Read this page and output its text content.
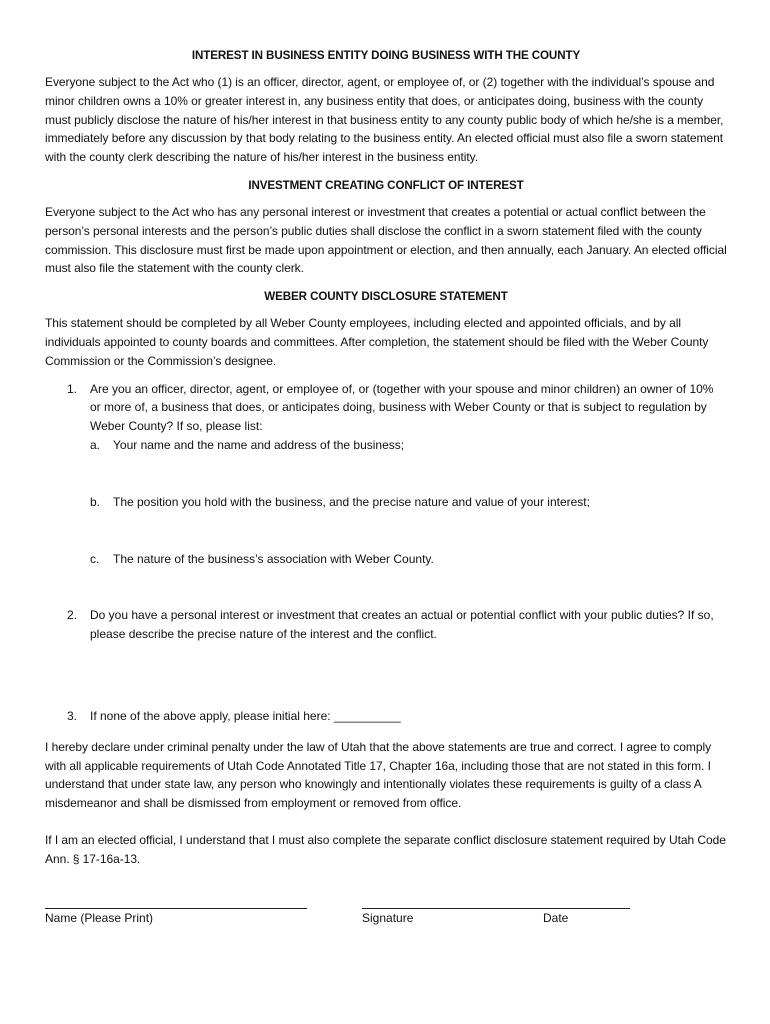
INTEREST IN BUSINESS ENTITY DOING BUSINESS WITH THE COUNTY

Everyone subject to the Act who (1) is an officer, director, agent, or employee of, or (2) together with the individual’s spouse and minor children owns a 10% or greater interest in, any business entity that does, or anticipates doing, business with the county must publicly disclose the nature of his/her interest in that business entity to any county public body of which he/she is a member, immediately before any discussion by that body relating to the business entity. An elected official must also file a sworn statement with the county clerk describing the nature of his/her interest in the business entity.

INVESTMENT CREATING CONFLICT OF INTEREST

Everyone subject to the Act who has any personal interest or investment that creates a potential or actual conflict between the person’s personal interests and the person’s public duties shall disclose the conflict in a sworn statement filed with the county commission. This disclosure must first be made upon appointment or election, and then annually, each January. An elected official must also file the statement with the county clerk.

WEBER COUNTY DISCLOSURE STATEMENT

This statement should be completed by all Weber County employees, including elected and appointed officials, and by all individuals appointed to county boards and committees. After completion, the statement should be filed with the Weber County Commission or the Commission’s designee.

1. Are you an officer, director, agent, or employee of, or (together with your spouse and minor children) an owner of 10% or more of, a business that does, or anticipates doing, business with Weber County or that is subject to regulation by Weber County? If so, please list:
a. Your name and the name and address of the business;
b. The position you hold with the business, and the precise nature and value of your interest;
c. The nature of the business’s association with Weber County.
2. Do you have a personal interest or investment that creates an actual or potential conflict with your public duties? If so, please describe the precise nature of the interest and the conflict.
3. If none of the above apply, please initial here: __________

I hereby declare under criminal penalty under the law of Utah that the above statements are true and correct. I agree to comply with all applicable requirements of Utah Code Annotated Title 17, Chapter 16a, including those that are not stated in this form. I understand that under state law, any person who knowingly and intentionally violates these requirements is guilty of a class A misdemeanor and shall be dismissed from employment or removed from office.

If I am an elected official, I understand that I must also complete the separate conflict disclosure statement required by Utah Code Ann. § 17-16a-13.

Name (Please Print)	Signature	Date
